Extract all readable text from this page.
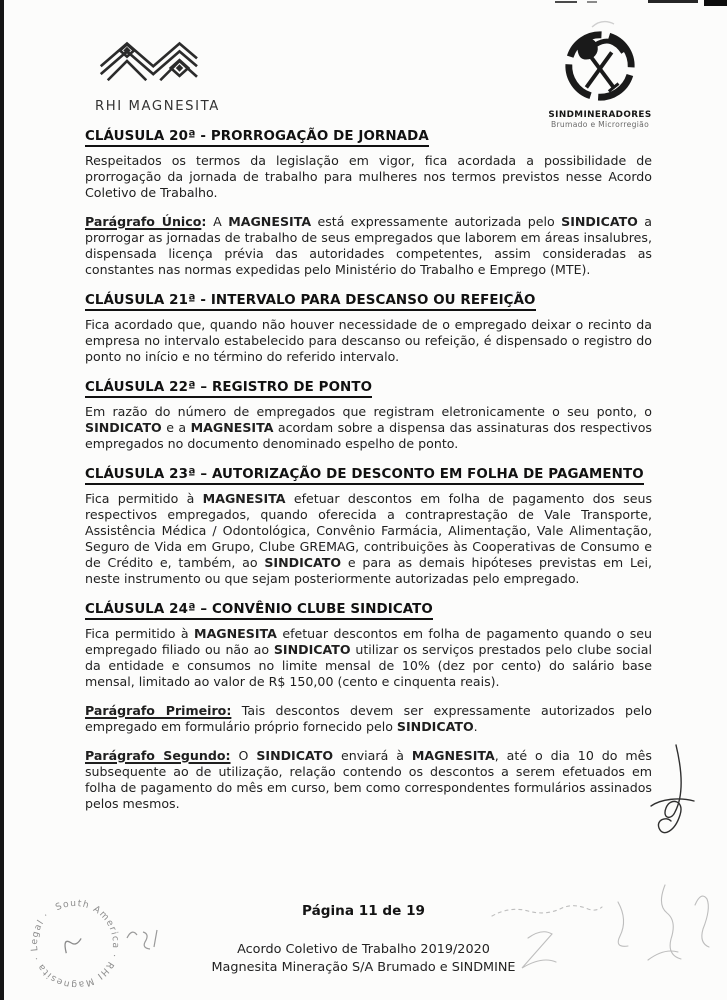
RHI MAGNESITA
SINDMINERADORES
Brumado e Microrregião
CLÁUSULA 20ª - PRORROGAÇÃO DE JORNADA

Respeitados os termos da legislação em vigor, fica acordada a possibilidade de prorrogação da jornada de trabalho para mulheres nos termos previstos nesse Acordo Coletivo de Trabalho.

Parágrafo Único: A MAGNESITA está expressamente autorizada pelo SINDICATO a prorrogar as jornadas de trabalho de seus empregados que laborem em áreas insalubres, dispensada licença prévia das autoridades competentes, assim consideradas as constantes nas normas expedidas pelo Ministério do Trabalho e Emprego (MTE).

CLÁUSULA 21ª - INTERVALO PARA DESCANSO OU REFEIÇÃO

Fica acordado que, quando não houver necessidade de o empregado deixar o recinto da empresa no intervalo estabelecido para descanso ou refeição, é dispensado o registro do ponto no início e no término do referido intervalo.

CLÁUSULA 22ª – REGISTRO DE PONTO

Em razão do número de empregados que registram eletronicamente o seu ponto, o SINDICATO e a MAGNESITA acordam sobre a dispensa das assinaturas dos respectivos empregados no documento denominado espelho de ponto.

CLÁUSULA 23ª – AUTORIZAÇÃO DE DESCONTO EM FOLHA DE PAGAMENTO

Fica permitido à MAGNESITA efetuar descontos em folha de pagamento dos seus respectivos empregados, quando oferecida a contraprestação de Vale Transporte, Assistência Médica / Odontológica, Convênio Farmácia, Alimentação, Vale Alimentação, Seguro de Vida em Grupo, Clube GREMAG, contribuições às Cooperativas de Consumo e de Crédito e, também, ao SINDICATO e para as demais hipóteses previstas em Lei, neste instrumento ou que sejam posteriormente autorizadas pelo empregado.

CLÁUSULA 24ª – CONVÊNIO CLUBE SINDICATO

Fica permitido à MAGNESITA efetuar descontos em folha de pagamento quando o seu empregado filiado ou não ao SINDICATO utilizar os serviços prestados pelo clube social da entidade e consumos no limite mensal de 10% (dez por cento) do salário base mensal, limitado ao valor de R$ 150,00 (cento e cinquenta reais).

Parágrafo Primeiro: Tais descontos devem ser expressamente autorizados pelo empregado em formulário próprio fornecido pelo SINDICATO.

Parágrafo Segundo: O SINDICATO enviará à MAGNESITA, até o dia 10 do mês subsequente ao de utilização, relação contendo os descontos a serem efetuados em folha de pagamento do mês em curso, bem como correspondentes formulários assinados pelos mesmos.

Página 11 de 19
Acordo Coletivo de Trabalho 2019/2020
Magnesita Mineração S/A Brumado e SINDMINE
South America · RHI Magnesita · Legal ·
